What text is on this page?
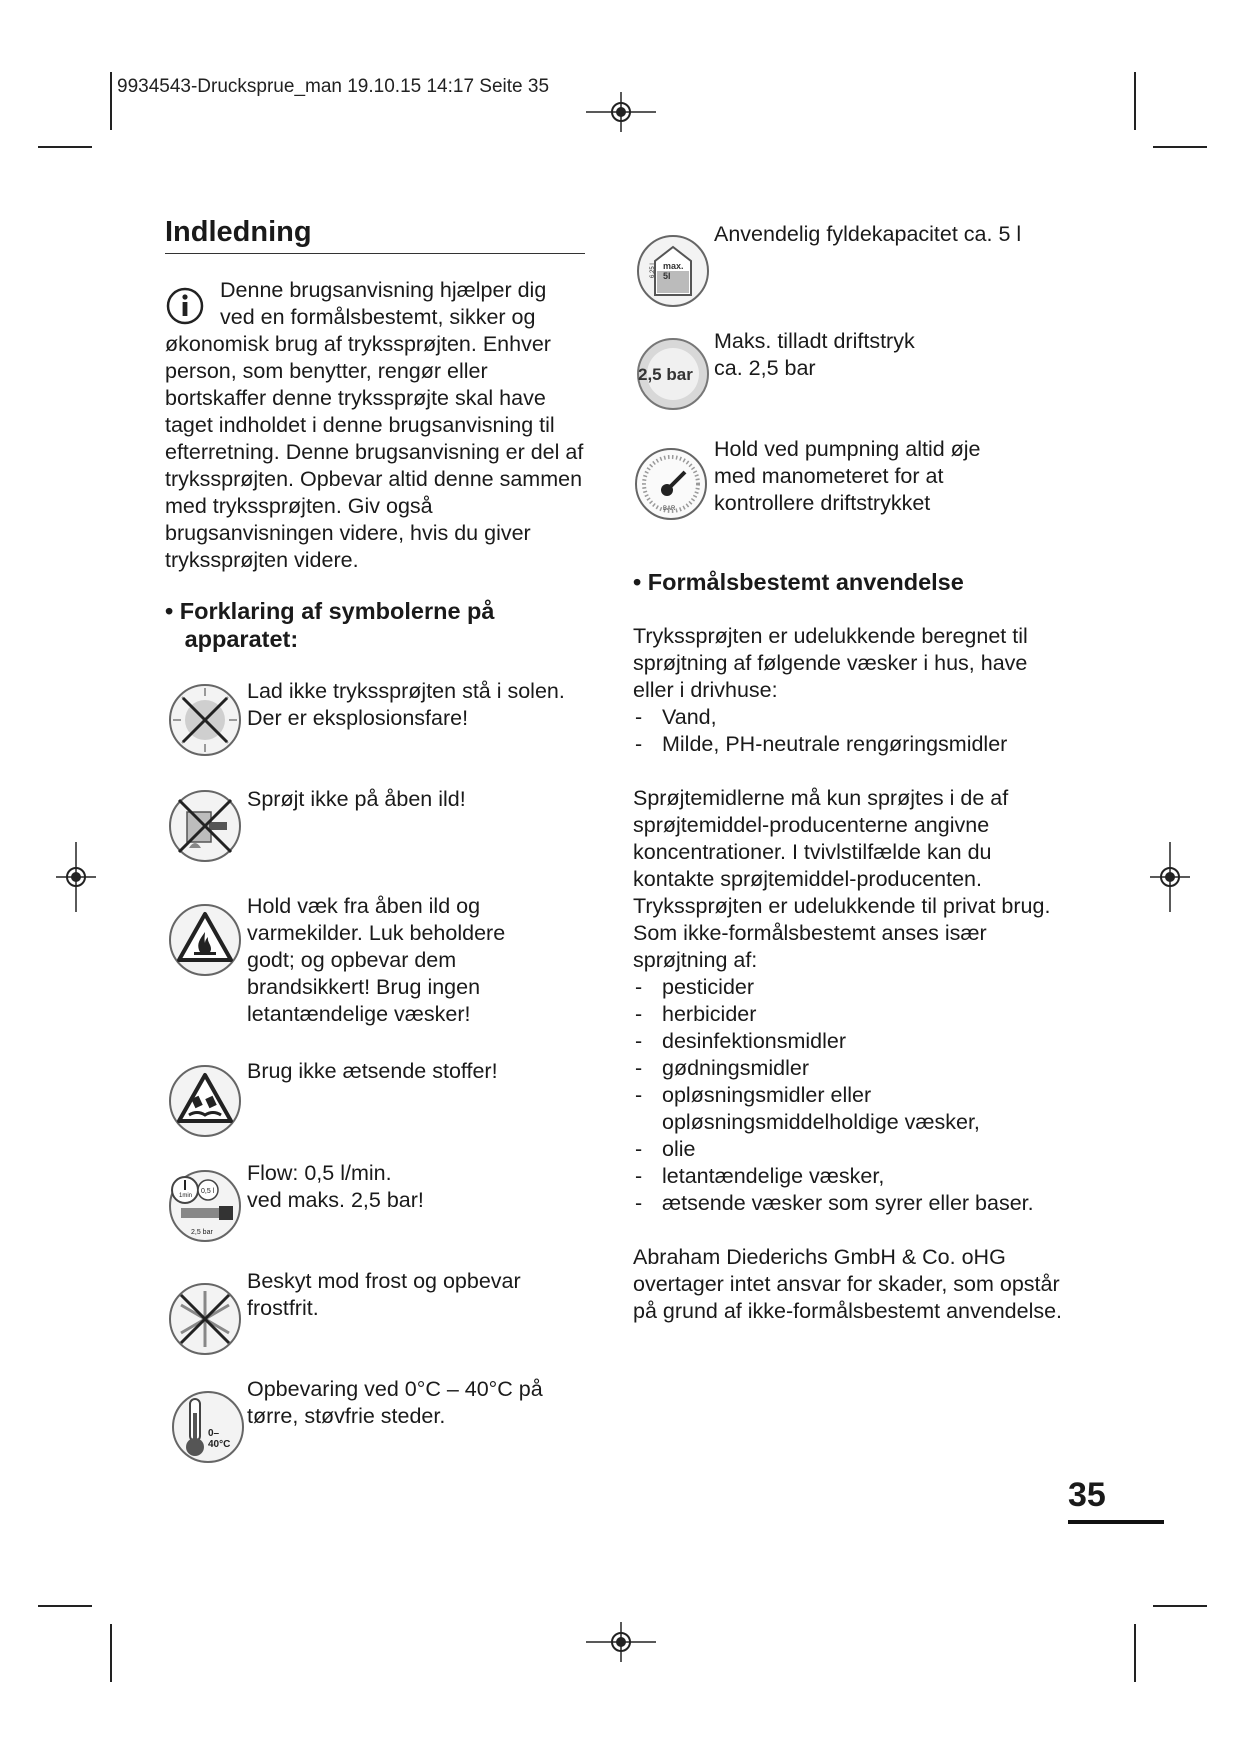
9934543-Drucksprue_man 19.10.15 14:17 Seite 35
Indledning
Denne brugsanvisning hjælper dig
ved en formålsbestemt, sikker og
økonomisk brug af trykssprøjten. Enhver person, som benytter, rengør eller bortskaffer denne trykssprøjte skal have taget indholdet i denne brugsanvisning til efterretning. Denne brugsanvisning er del af trykssprøjten. Opbevar altid denne sammen med trykssprøjten. Giv også brugsanvisningen videre, hvis du giver trykssprøjten videre.
• Forklaring af symbolerne på
apparatet:
Lad ikke trykssprøjten stå i solen.
Der er eksplosionsfare!
Sprøjt ikke på åben ild!
Hold væk fra åben ild og
varmekilder. Luk beholdere
godt; og opbevar dem
brandsikkert! Brug ingen
letantændelige væsker!
Brug ikke ætsende stoffer!
1min
0,5 l
2,5 bar
Flow: 0,5 l/min.
ved maks. 2,5 bar!
Beskyt mod frost og opbevar
frostfrit.
0– 40°C
Opbevaring ved 0°C – 40°C på
tørre, støvfrie steder.
6,25 l max. 5l
Anvendelig fyldekapacitet ca. 5 l
2,5 bar
Maks. tilladt driftstryk
ca. 2,5 bar
BAR
Hold ved pumpning altid øje
med manometeret for at
kontrollere driftstrykket
• Formålsbestemt anvendelse
Trykssprøjten er udelukkende beregnet til sprøjtning af følgende væsker i hus, have eller i drivhuse:
- Vand,
- Milde, PH-neutrale rengøringsmidler
Sprøjtemidlerne må kun sprøjtes i de af sprøjtemiddel-producenterne angivne koncentrationer. I tvivlstilfælde kan du kontakte sprøjtemiddel-producenten. Trykssprøjten er udelukkende til privat brug.
Som ikke-formålsbestemt anses især sprøjtning af:
- pesticider
- herbicider
- desinfektionsmidler
- gødningsmidler
- opløsningsmidler eller opløsningsmiddelholdige væsker,
- olie
- letantændelige væsker,
- ætsende væsker som syrer eller baser.
Abraham Diederichs GmbH & Co. oHG overtager intet ansvar for skader, som opstår på grund af ikke-formålsbestemt anvendelse.
35
